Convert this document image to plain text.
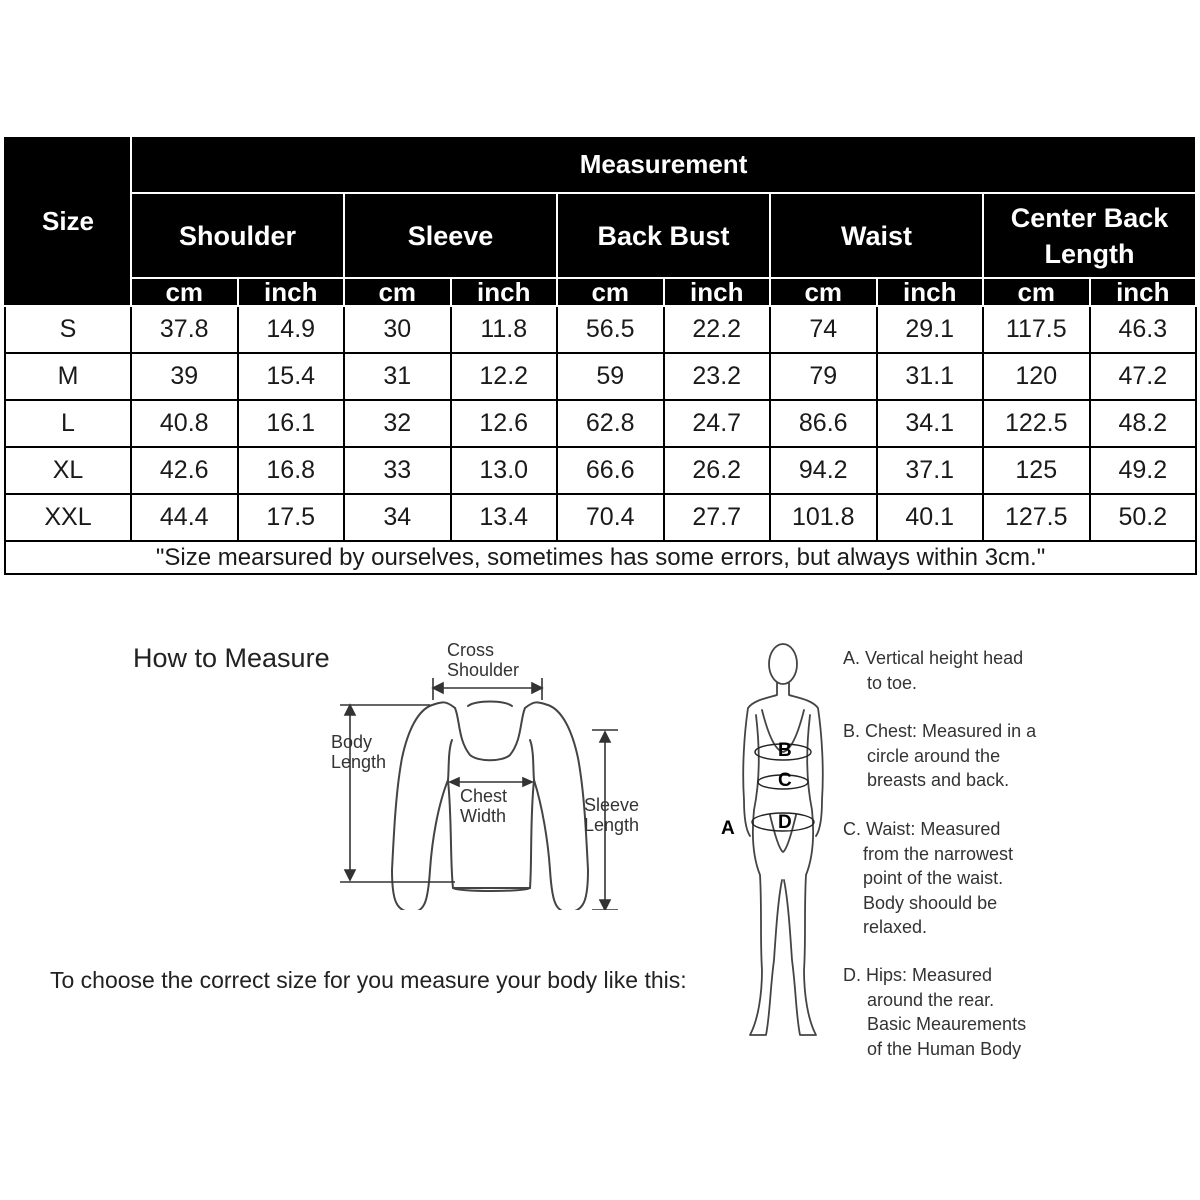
Size	Measurement									
	Shoulder		Sleeve		Back Bust		Waist		Center Back Length	
	cm	inch	cm	inch	cm	inch	cm	inch	cm	inch
S	37.8	14.9	30	11.8	56.5	22.2	74	29.1	117.5	46.3
M	39	15.4	31	12.2	59	23.2	79	31.1	120	47.2
L	40.8	16.1	32	12.6	62.8	24.7	86.6	34.1	122.5	48.2
XL	42.6	16.8	33	13.0	66.6	26.2	94.2	37.1	125	49.2
XXL	44.4	17.5	34	13.4	70.4	27.7	101.8	40.1	127.5	50.2
"Size mearsured by ourselves, sometimes has some errors, but always within 3cm."										
How to Measure	Cross
Shoulder
Body
Length
Chest
Width
Sleeve
Length
To choose the correct size for you measure your body like this:
A
B
C
D
A. Vertical height head
to toe.
B. Chest: Measured in a
circle around the
breasts and back.
C. Waist: Measured
from the narrowest
point of the waist.
Body shoould be
relaxed.
D. Hips: Measured
around the rear.
Basic Meaurements
of the Human Body
